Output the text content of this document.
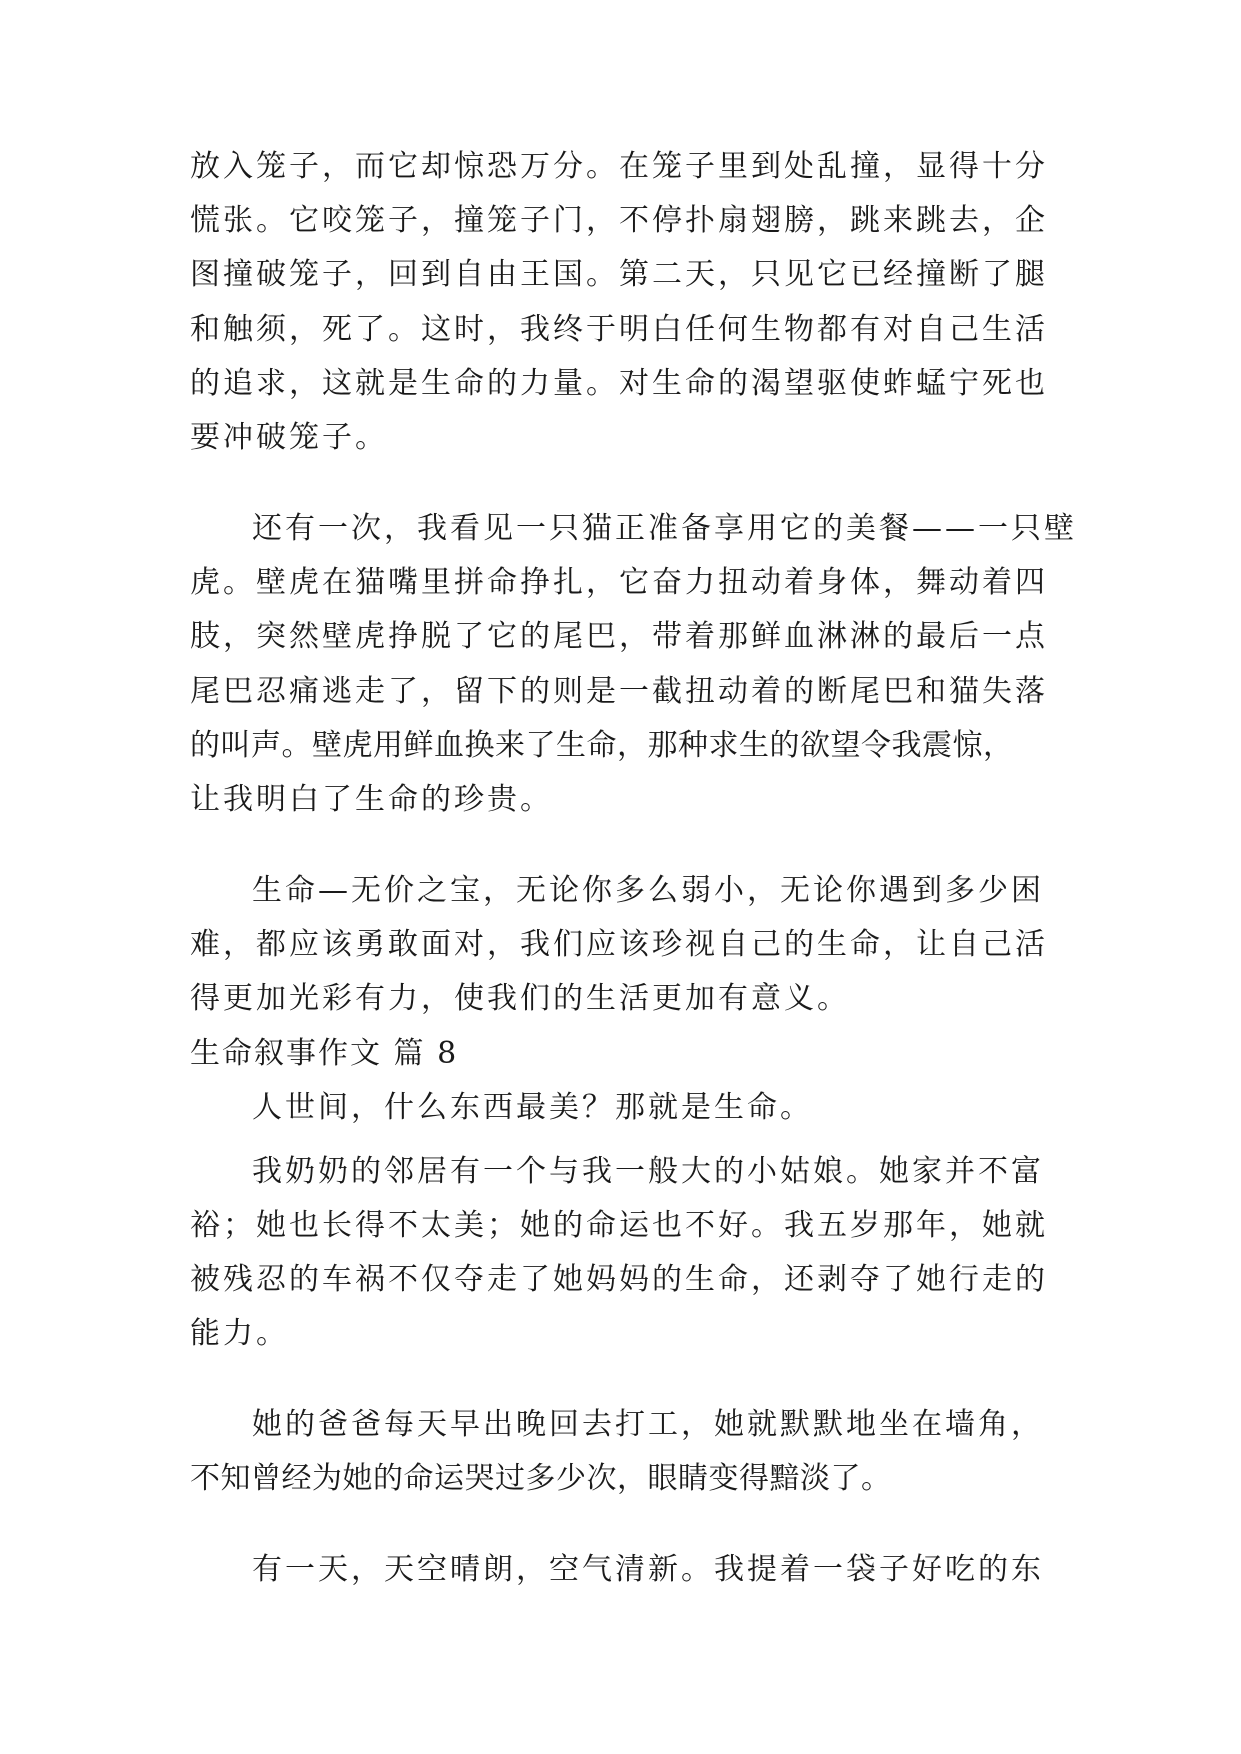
放入笼子，而它却惊恐万分。在笼子里到处乱撞，显得十分
慌张。它咬笼子，撞笼子门，不停扑扇翅膀，跳来跳去，企
图撞破笼子，回到自由王国。第二天，只见它已经撞断了腿
和触须，死了。这时，我终于明白任何生物都有对自己生活
的追求，这就是生命的力量。对生命的渴望驱使蚱蜢宁死也
要冲破笼子。
还有一次，我看见一只猫正准备享用它的美餐——一只壁
虎。壁虎在猫嘴里拼命挣扎，它奋力扭动着身体，舞动着四
肢，突然壁虎挣脱了它的尾巴，带着那鲜血淋淋的最后一点
尾巴忍痛逃走了，留下的则是一截扭动着的断尾巴和猫失落
的叫声。壁虎用鲜血换来了生命，那种求生的欲望令我震惊，
让我明白了生命的珍贵。
生命—无价之宝，无论你多么弱小，无论你遇到多少困
难，都应该勇敢面对，我们应该珍视自己的生命，让自己活
得更加光彩有力，使我们的生活更加有意义。
生命叙事作文 篇 8
人世间，什么东西最美？那就是生命。
我奶奶的邻居有一个与我一般大的小姑娘。她家并不富
裕；她也长得不太美；她的命运也不好。我五岁那年，她就
被残忍的车祸不仅夺走了她妈妈的生命，还剥夺了她行走的
能力。
她的爸爸每天早出晚回去打工，她就默默地坐在墙角，
不知曾经为她的命运哭过多少次，眼睛变得黯淡了。
有一天，天空晴朗，空气清新。我提着一袋子好吃的东
